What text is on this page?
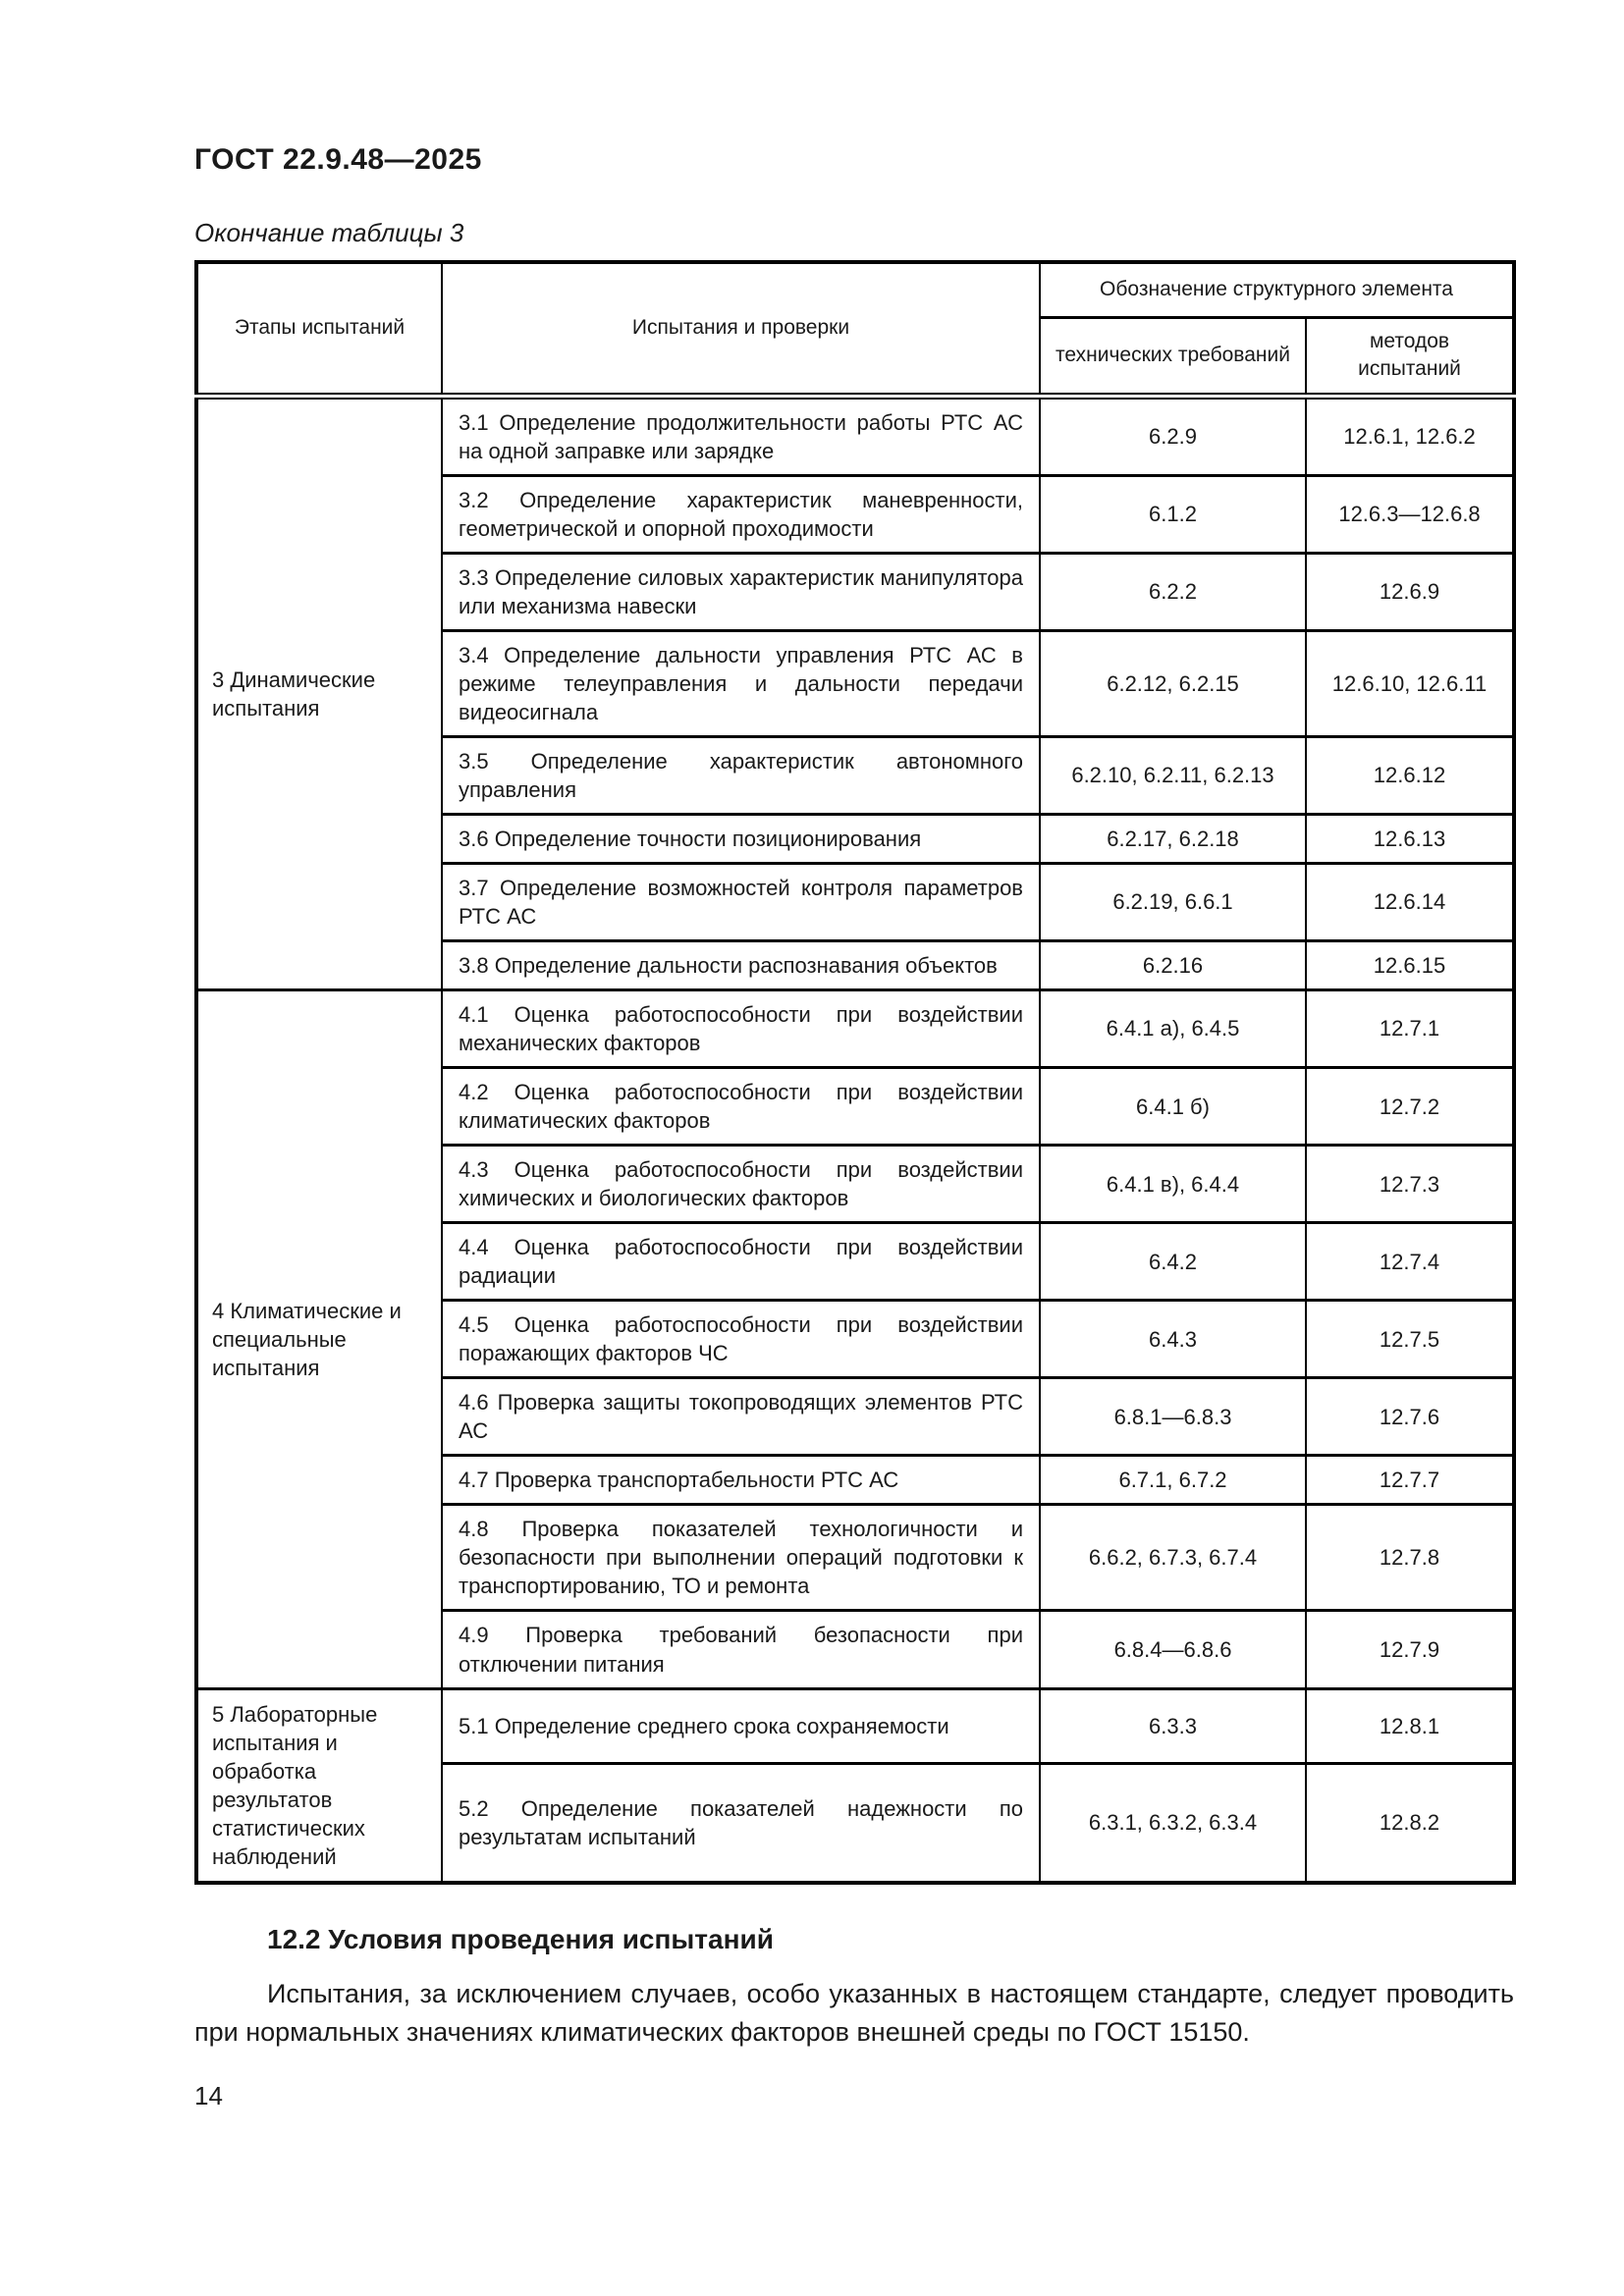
ГОСТ 22.9.48—2025
Окончание таблицы 3
Этапы испытаний	Испытания и проверки	Обозначение структурного элемента	
		технических требований	методов испытаний
3 Динамические испытания	3.1 Определение продолжительности работы РТС АС на одной заправке или зарядке	6.2.9	12.6.1, 12.6.2
	3.2 Определение характеристик маневренности, геометрической и опорной проходимости	6.1.2	12.6.3—12.6.8
	3.3 Определение силовых характеристик манипулятора или механизма навески	6.2.2	12.6.9
	3.4 Определение дальности управления РТС АС в режиме телеуправления и дальности передачи видеосигнала	6.2.12, 6.2.15	12.6.10, 12.6.11
	3.5 Определение характеристик автономного управления	6.2.10, 6.2.11, 6.2.13	12.6.12
	3.6 Определение точности позиционирования	6.2.17, 6.2.18	12.6.13
	3.7 Определение возможностей контроля параметров РТС АС	6.2.19, 6.6.1	12.6.14
	3.8 Определение дальности распознавания объектов	6.2.16	12.6.15
4 Климатические и специальные испытания	4.1 Оценка работоспособности при воздействии механических факторов	6.4.1 а), 6.4.5	12.7.1
	4.2 Оценка работоспособности при воздействии климатических факторов	6.4.1 б)	12.7.2
	4.3 Оценка работоспособности при воздействии химических и биологических факторов	6.4.1 в), 6.4.4	12.7.3
	4.4 Оценка работоспособности при воздействии радиации	6.4.2	12.7.4
	4.5 Оценка работоспособности при воздействии поражающих факторов ЧС	6.4.3	12.7.5
	4.6 Проверка защиты токопроводящих элементов РТС АС	6.8.1—6.8.3	12.7.6
	4.7 Проверка транспортабельности РТС АС	6.7.1, 6.7.2	12.7.7
	4.8 Проверка показателей технологичности и безопасности при выполнении операций подготовки к транспортированию, ТО и ремонта	6.6.2, 6.7.3, 6.7.4	12.7.8
	4.9 Проверка требований безопасности при отключении питания	6.8.4—6.8.6	12.7.9
5 Лабораторные испытания и обработка результатов статистических наблюдений	5.1 Определение среднего срока сохраняемости	6.3.3	12.8.1
	5.2 Определение показателей надежности по результатам испытаний	6.3.1, 6.3.2, 6.3.4	12.8.2
12.2 Условия проведения испытаний

Испытания, за исключением случаев, особо указанных в настоящем стандарте, следует проводить при нормальных значениях климатических факторов внешней среды по ГОСТ 15150.

14
